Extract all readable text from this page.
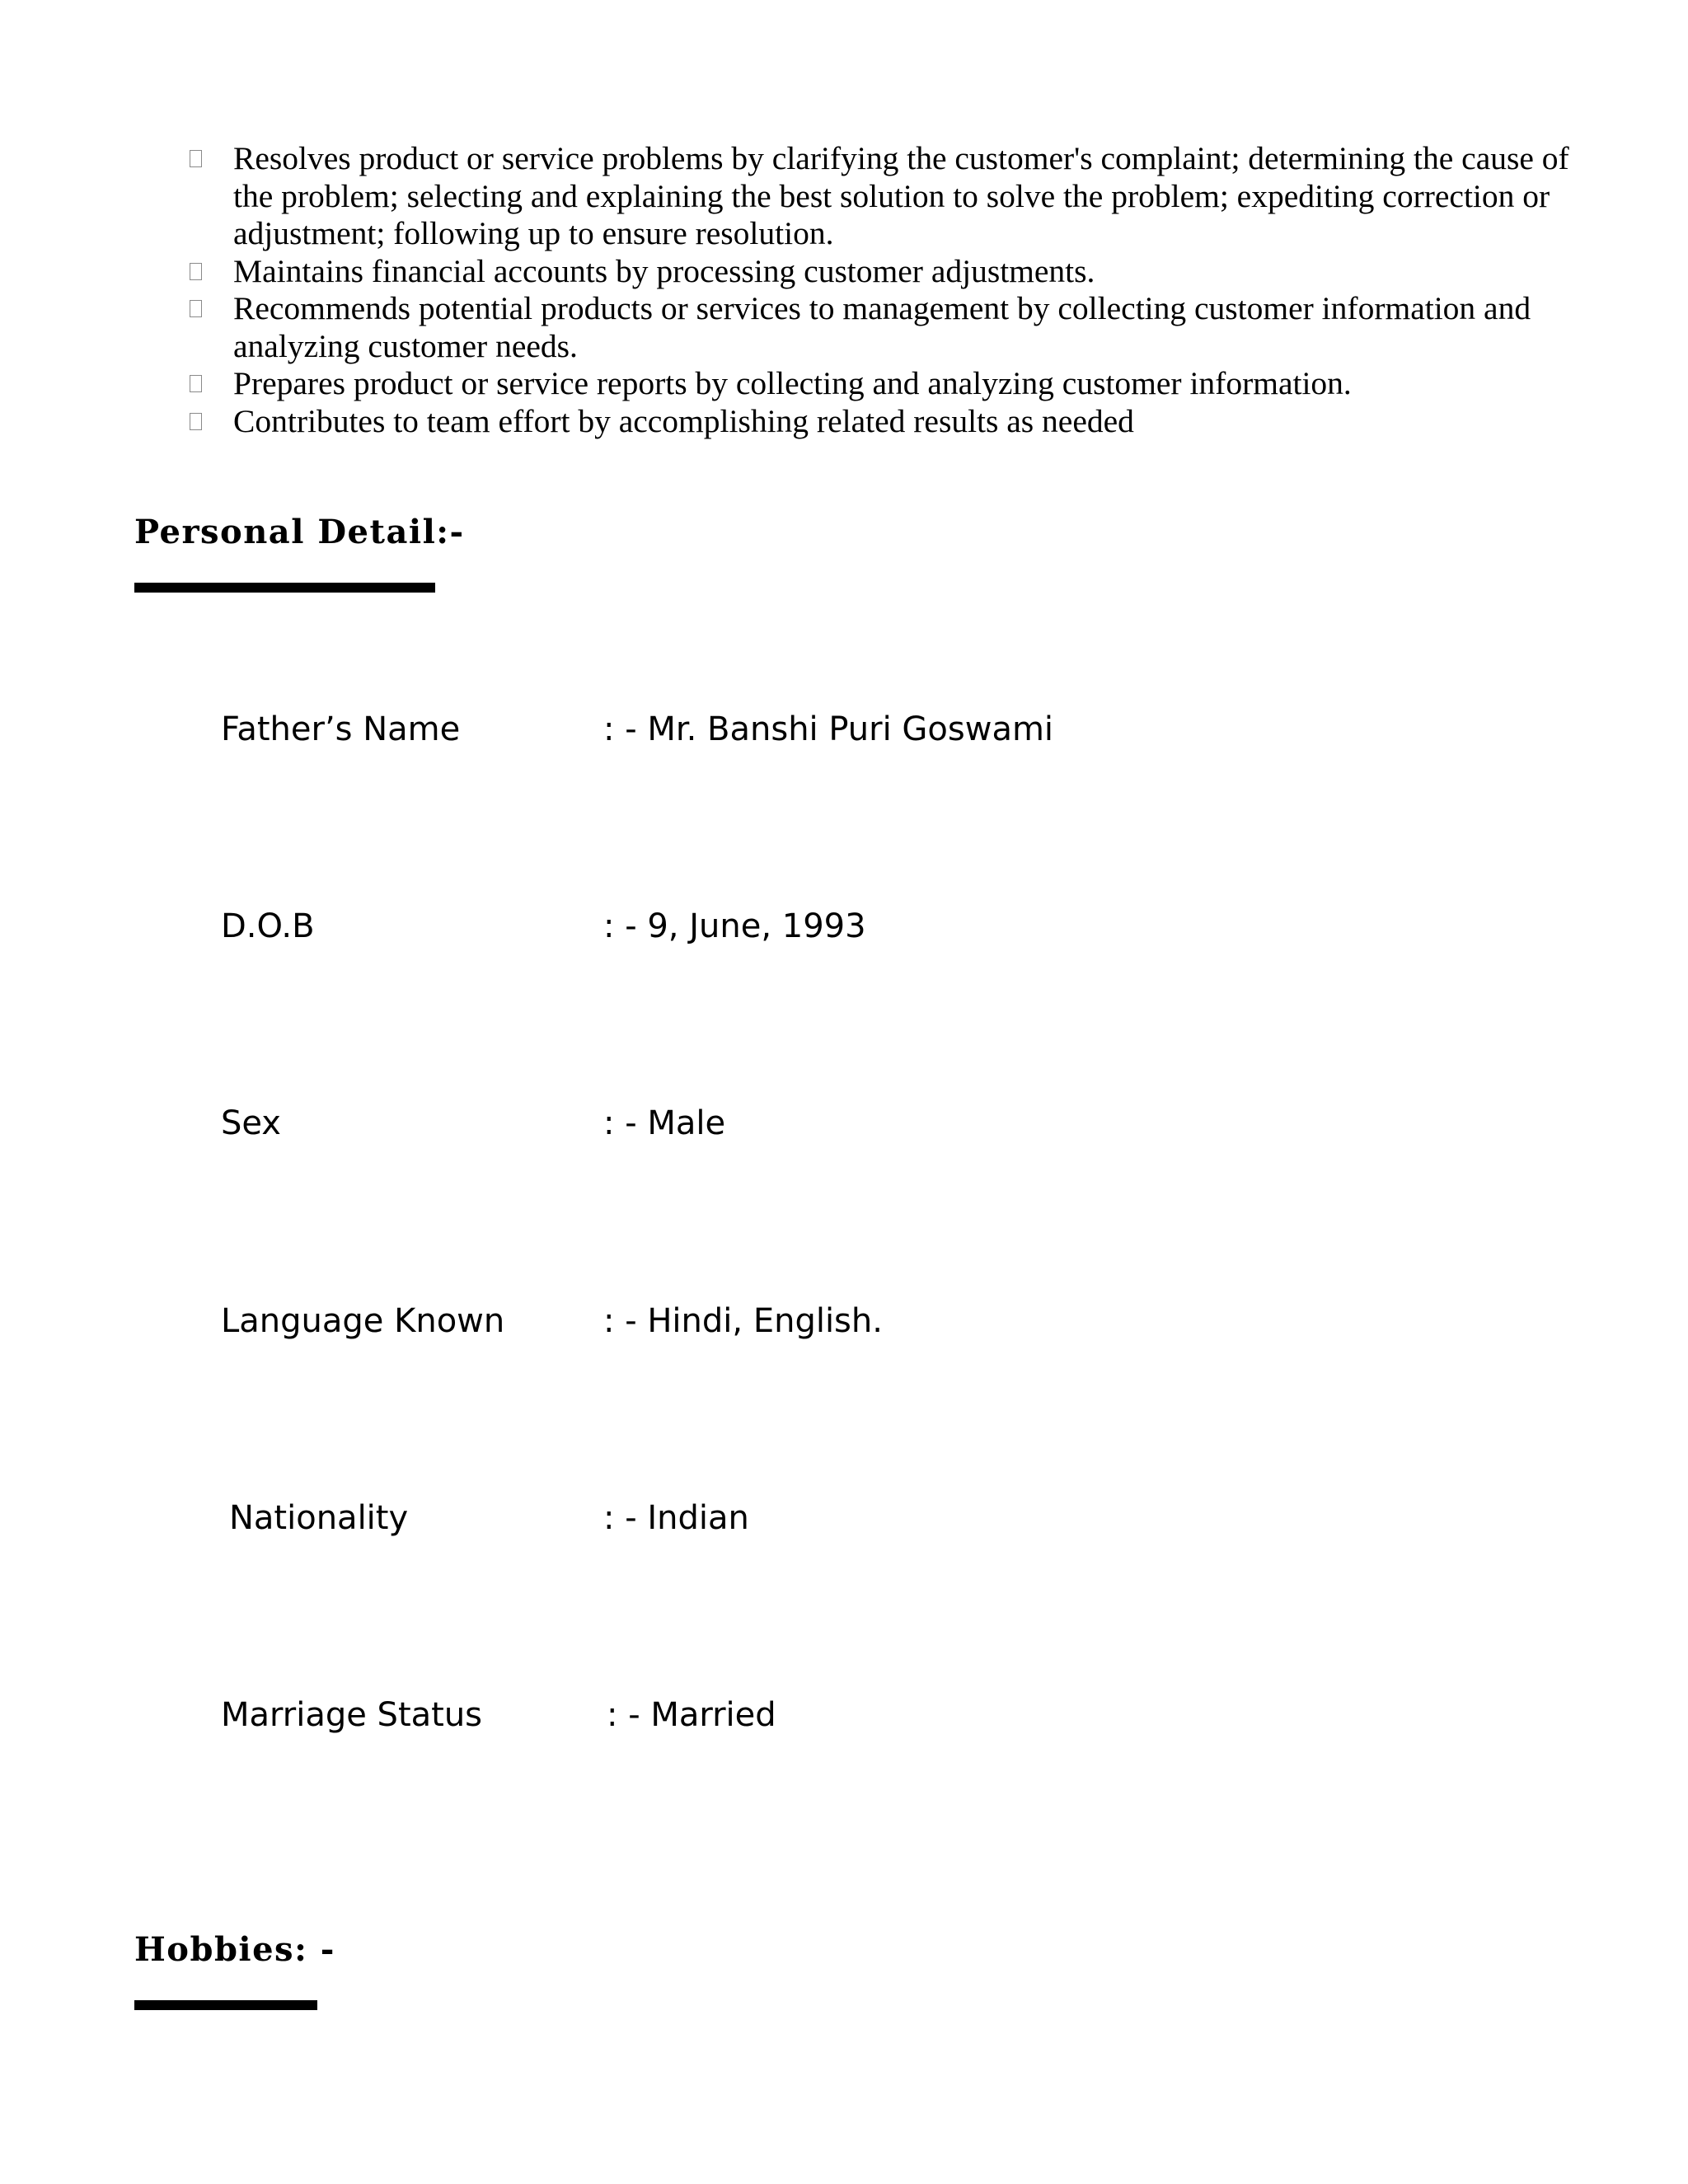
Resolves product or service problems by clarifying the customer's complaint; determining the cause of the problem; selecting and explaining the best solution to solve the problem; expediting correction or adjustment; following up to ensure resolution.
Maintains financial accounts by processing customer adjustments.
Recommends potential products or services to management by collecting customer information and analyzing customer needs.
Prepares product or service reports by collecting and analyzing customer information.
Contributes to team effort by accomplishing related results as needed
Personal Detail:-
Father’s Name	: - Mr. Banshi Puri Goswami
D.O.B	: - 9, June, 1993
Sex	: - Male
Language Known	: - Hindi, English.
Nationality	: - Indian
Marriage Status	: - Married
Hobbies: -
